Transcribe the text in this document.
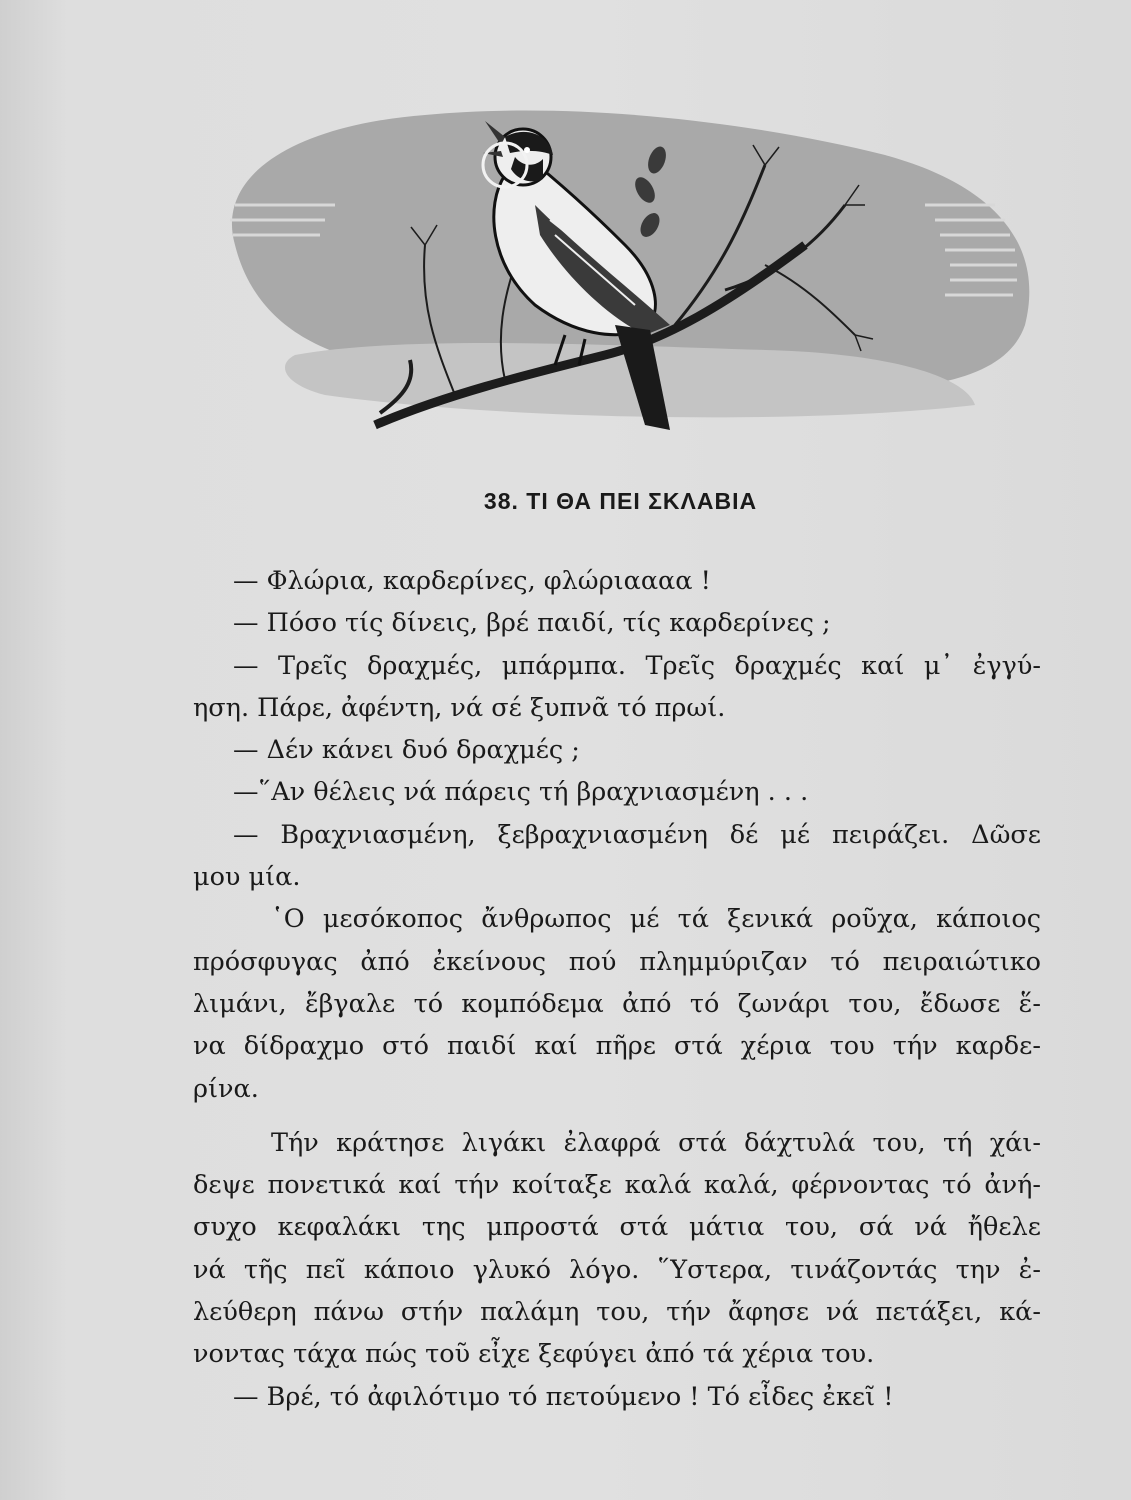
38. ΤΙ ΘΑ ΠΕΙ ΣΚΛΑΒΙΑ
— Φλώρια, καρδερίνες, φλώριαααα !
— Πόσο τίς δίνεις, βρέ παιδί, τίς καρδερίνες ;
— Τρεῖς δραχμές, μπάρμπα. Τρεῖς δραχμές καί μ᾽ ἐγγύ-
ηση. Πάρε, ἀφέντη, νά σέ ξυπνᾶ τό πρωί.
— Δέν κάνει δυό δραχμές ;
—῞Αν θέλεις νά πάρεις τή βραχνιασμένη . . .
— Βραχνιασμένη, ξεβραχνιασμένη δέ μέ πειράζει. Δῶσε
μου μία.
῾Ο μεσόκοπος ἄνθρωπος μέ τά ξενικά ροῦχα, κάποιος
πρόσφυγας ἀπό ἐκείνους πού πλημμύριζαν τό πειραιώτικο
λιμάνι, ἔβγαλε τό κομπόδεμα ἀπό τό ζωνάρι του, ἔδωσε ἕ-
να δίδραχμο στό παιδί καί πῆρε στά χέρια του τήν καρδε-
ρίνα.
Τήν κράτησε λιγάκι ἐλαφρά στά δάχτυλά του, τή χάι-
δεψε πονετικά καί τήν κοίταξε καλά καλά, φέρνοντας τό ἀνή-
συχο κεφαλάκι της μπροστά στά μάτια του, σά νά ἤθελε
νά τῆς πεῖ κάποιο γλυκό λόγο. ῞Υστερα, τινάζοντάς την ἐ-
λεύθερη πάνω στήν παλάμη του, τήν ἄφησε νά πετάξει, κά-
νοντας τάχα πώς τοῦ εἶχε ξεφύγει ἀπό τά χέρια του.
— Βρέ, τό ἀφιλότιμο τό πετούμενο ! Τό εἶδες ἐκεῖ !
